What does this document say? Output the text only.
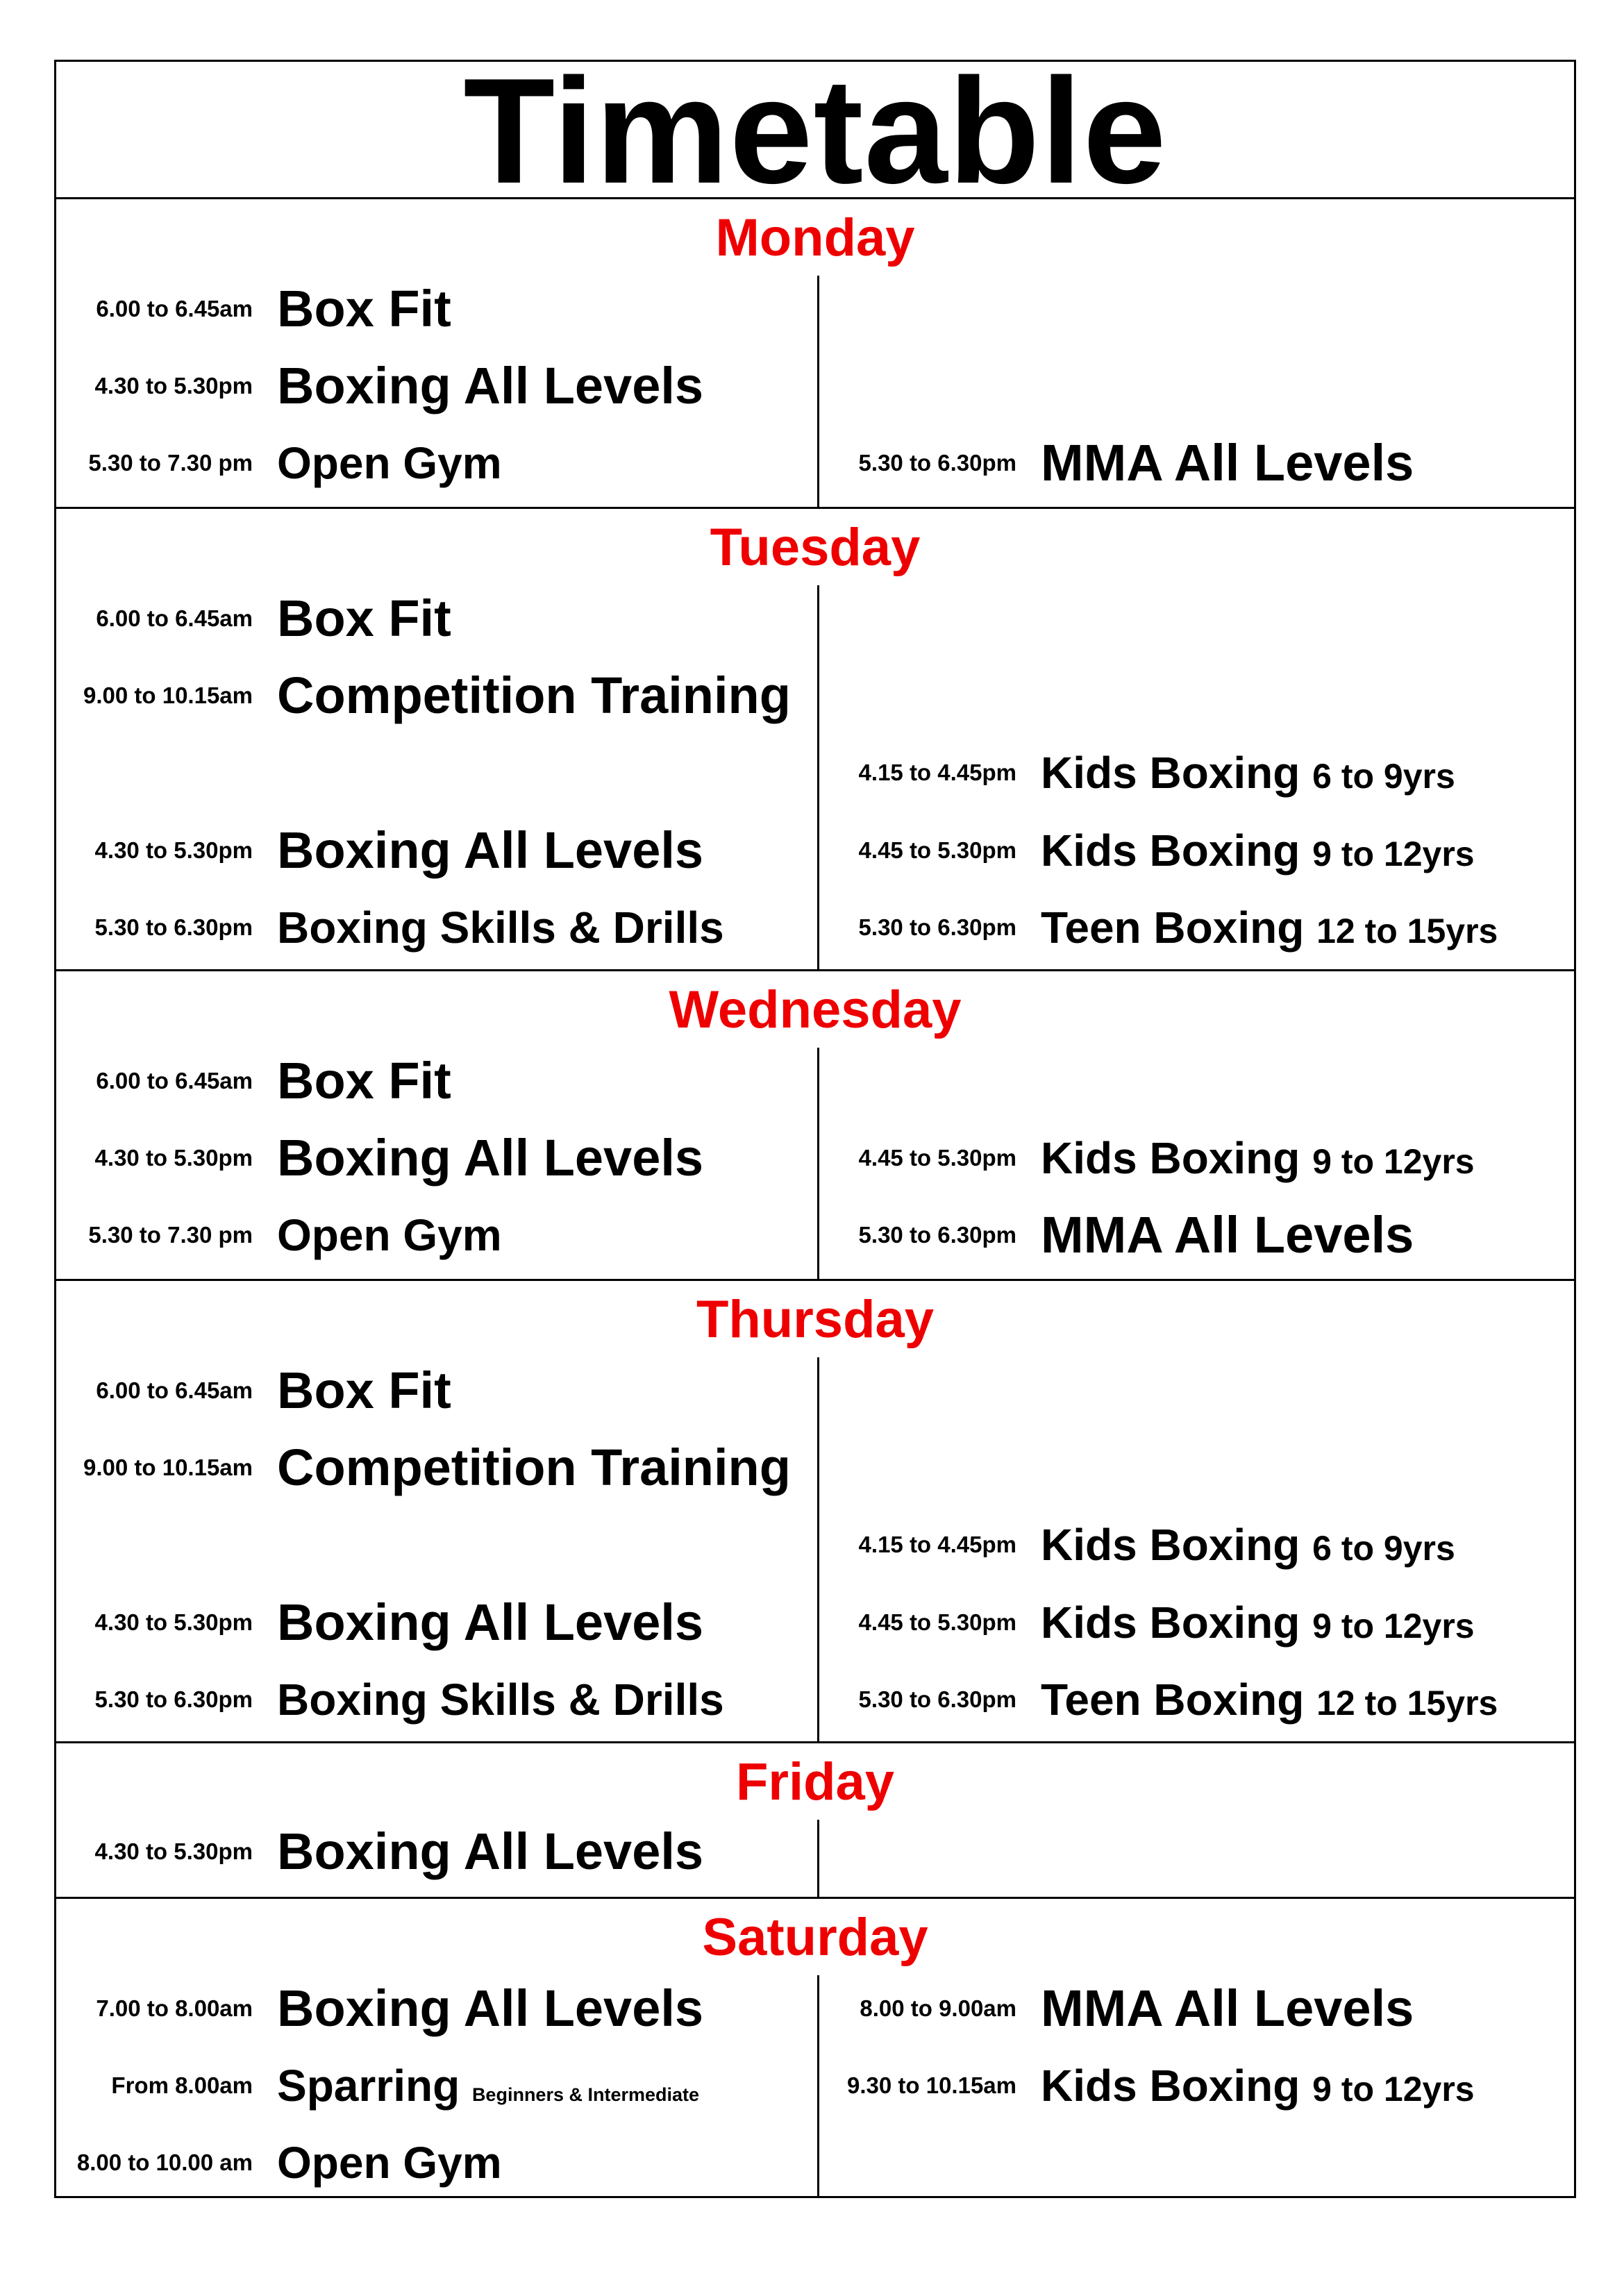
Timetable
Monday
6.00 to 6.45am Box Fit
4.30 to 5.30pm Boxing All Levels
5.30 to 7.30 pm Open Gym	5.30 to 6.30pm MMA All Levels
Tuesday
6.00 to 6.45am Box Fit
9.00 to 10.15am Competition Training
4.30 to 5.30pm Boxing All Levels
5.30 to 6.30pm Boxing Skills & Drills
4.15 to 4.45pm Kids Boxing 6 to 9yrs
4.45 to 5.30pm Kids Boxing 9 to 12yrs
5.30 to 6.30pm Teen Boxing 12 to 15yrs
Wednesday
6.00 to 6.45am Box Fit
4.30 to 5.30pm Boxing All Levels
5.30 to 7.30 pm Open Gym
4.45 to 5.30pm Kids Boxing 9 to 12yrs
5.30 to 6.30pm MMA All Levels
Thursday
6.00 to 6.45am Box Fit
9.00 to 10.15am Competition Training
4.30 to 5.30pm Boxing All Levels
5.30 to 6.30pm Boxing Skills & Drills
4.15 to 4.45pm Kids Boxing 6 to 9yrs
4.45 to 5.30pm Kids Boxing 9 to 12yrs
5.30 to 6.30pm Teen Boxing 12 to 15yrs
Friday
4.30 to 5.30pm Boxing All Levels
Saturday
7.00 to 8.00am Boxing All Levels
From 8.00am Sparring Beginners & Intermediate
8.00 to 10.00 am Open Gym
8.00 to 9.00am MMA All Levels
9.30 to 10.15am Kids Boxing 9 to 12yrs
